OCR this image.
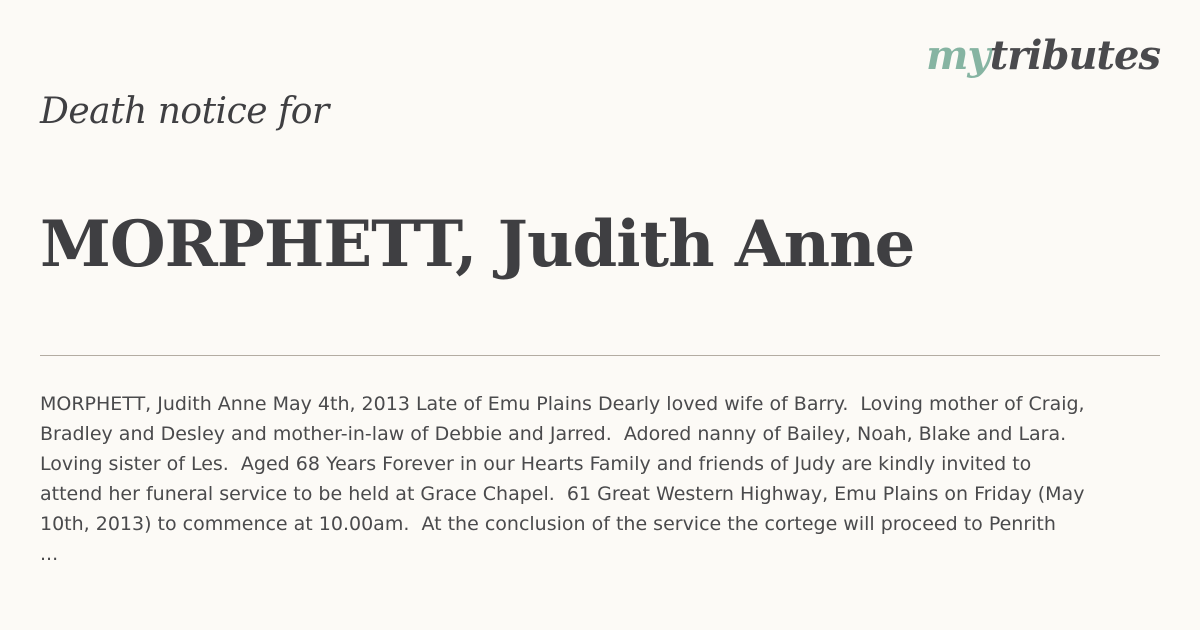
mytributes
Death notice for
MORPHETT, Judith Anne

MORPHETT, Judith Anne May 4th, 2013 Late of Emu Plains Dearly loved wife of Barry.  Loving mother of Craig,
Bradley and Desley and mother-in-law of Debbie and Jarred.  Adored nanny of Bailey, Noah, Blake and Lara.
Loving sister of Les.  Aged 68 Years Forever in our Hearts Family and friends of Judy are kindly invited to
attend her funeral service to be held at Grace Chapel.  61 Great Western Highway, Emu Plains on Friday (May
10th, 2013) to commence at 10.00am.  At the conclusion of the service the cortege will proceed to Penrith
...
